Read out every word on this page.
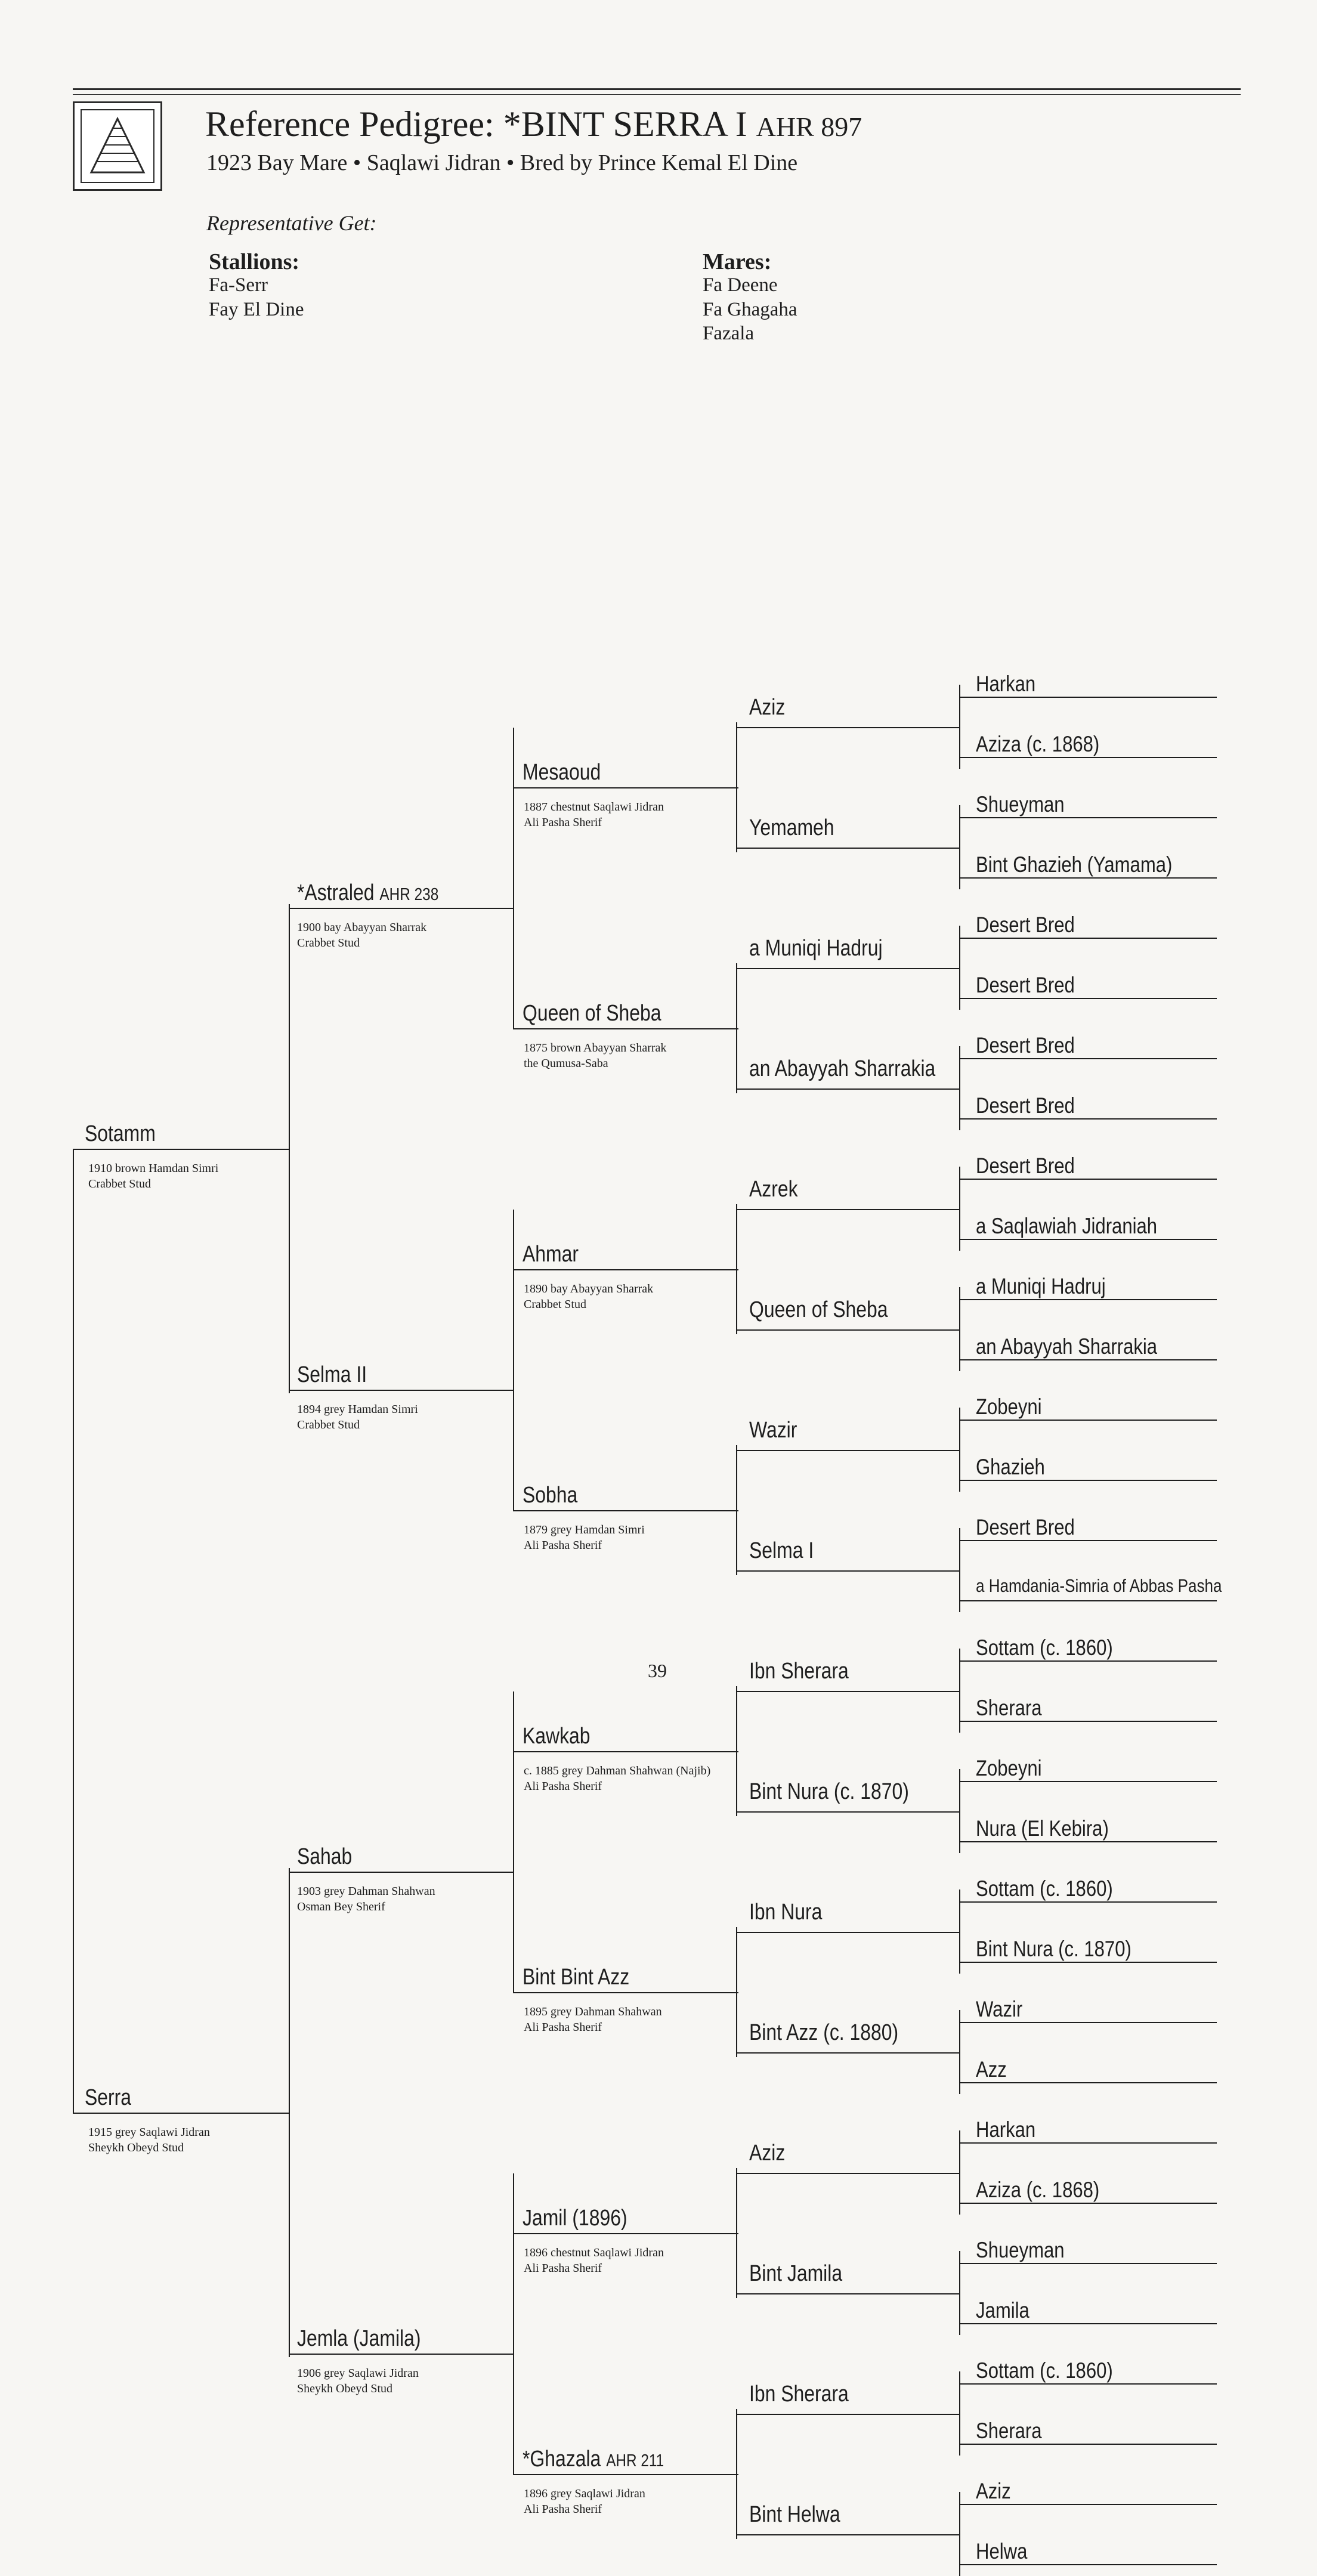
Reference Pedigree: *BINT SERRA I AHR 897
1923 Bay Mare • Saqlawi Jidran • Bred by Prince Kemal El Dine
Representative Get:
Stallions:
Fa-Serr
Fay El Dine
Mares:
Fa Deene
Fa Ghagaha
Fazala
Harkan
Aziza (c. 1868)
Shueyman
Bint Ghazieh (Yamama)
Desert Bred
Desert Bred
Desert Bred
Desert Bred
Desert Bred
a Saqlawiah Jidraniah
a Muniqi Hadruj
an Abayyah Sharrakia
Zobeyni
Ghazieh
Desert Bred
a Hamdania-Simria of Abbas Pasha
Sottam (c. 1860)
Sherara
Zobeyni
Nura (El Kebira)
Sottam (c. 1860)
Bint Nura (c. 1870)
Wazir
Azz
Harkan
Aziza (c. 1868)
Shueyman
Jamila
Sottam (c. 1860)
Sherara
Aziz
Helwa
Aziz
Yemameh
a Muniqi Hadruj
an Abayyah Sharrakia
Azrek
Queen of Sheba
Wazir
Selma I
Ibn Sherara
Bint Nura (c. 1870)
Ibn Nura
Bint Azz (c. 1880)
Aziz
Bint Jamila
Ibn Sherara
Bint Helwa
Mesaoud
1887 chestnut Saqlawi Jidran
Ali Pasha Sherif
Queen of Sheba
1875 brown Abayyan Sharrak
the Qumusa-Saba
Ahmar
1890 bay Abayyan Sharrak
Crabbet Stud
Sobha
1879 grey Hamdan Simri
Ali Pasha Sherif
Kawkab
c. 1885 grey Dahman Shahwan (Najib)
Ali Pasha Sherif
Bint Bint Azz
1895 grey Dahman Shahwan
Ali Pasha Sherif
Jamil (1896)
1896 chestnut Saqlawi Jidran
Ali Pasha Sherif
*Ghazala AHR 211
1896 grey Saqlawi Jidran
Ali Pasha Sherif
*Astraled AHR 238
1900 bay Abayyan Sharrak
Crabbet Stud
Selma II
1894 grey Hamdan Simri
Crabbet Stud
Sahab
1903 grey Dahman Shahwan
Osman Bey Sherif
Jemla (Jamila)
1906 grey Saqlawi Jidran
Sheykh Obeyd Stud
Sotamm
1910 brown Hamdan Simri
Crabbet Stud
Serra
1915 grey Saqlawi Jidran
Sheykh Obeyd Stud
39
